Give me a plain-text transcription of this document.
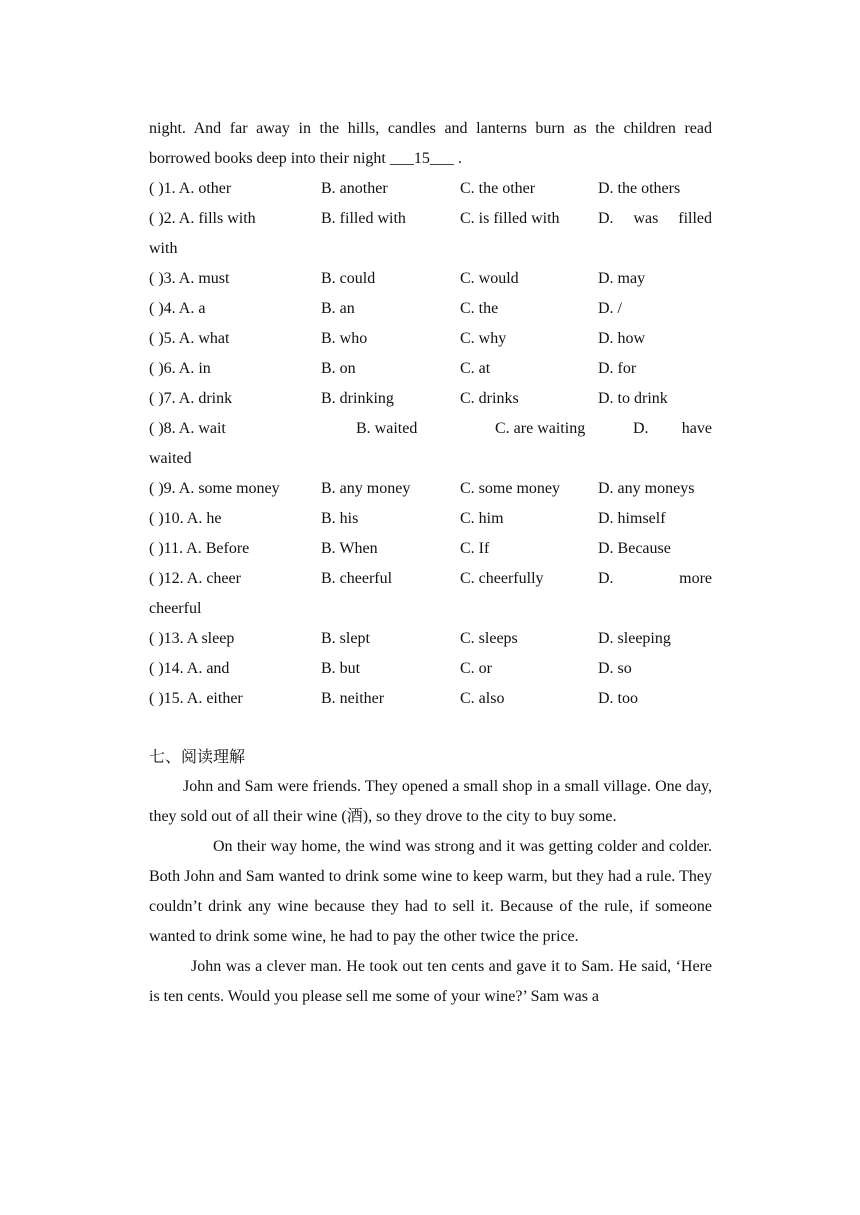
night. And far away in the hills, candles and lanterns burn as the children read
borrowed books deep into their night ___15___ .
( )1. A. other	B. another	C. the other	D. the others
( )2. A. fills with	B. filled with	C. is filled with D. was filled
with
( )3. A. must	B. could	C. would	D. may
( )4. A. a	B. an	C. the	D. /
( )5. A. what	B. who	C. why	D. how
( )6. A. in	B. on	C. at	D. for
( )7. A. drink	B. drinking	C. drinks	D. to drink
( )8. A. wait	B. waited	C. are waiting	D. have
waited
( )9. A. some money	B. any money	C. some money D. any moneys
( )10. A. he	B. his	C. him	D. himself
( )11. A. Before	B. When	C. If	D. Because
( )12. A. cheer	B. cheerful	C. cheerfully	D.	more
cheerful
( )13. A sleep	B. slept	C. sleeps	D. sleeping
( )14. A. and	B. but	C. or	D. so
( )15. A. either	B. neither	C. also	D. too
七、阅读理解
John and Sam were friends. They opened a small shop in a small village. One day, they sold out of all their wine (酒), so they drove to the city to buy some.
On their way home, the wind was strong and it was getting colder and colder. Both John and Sam wanted to drink some wine to keep warm, but they had a rule. They couldn’t drink any wine because they had to sell it. Because of the rule, if someone wanted to drink some wine, he had to pay the other twice the price.
John was a clever man. He took out ten cents and gave it to Sam. He said, ‘Here is ten cents. Would you please sell me some of your wine?’ Sam was a
